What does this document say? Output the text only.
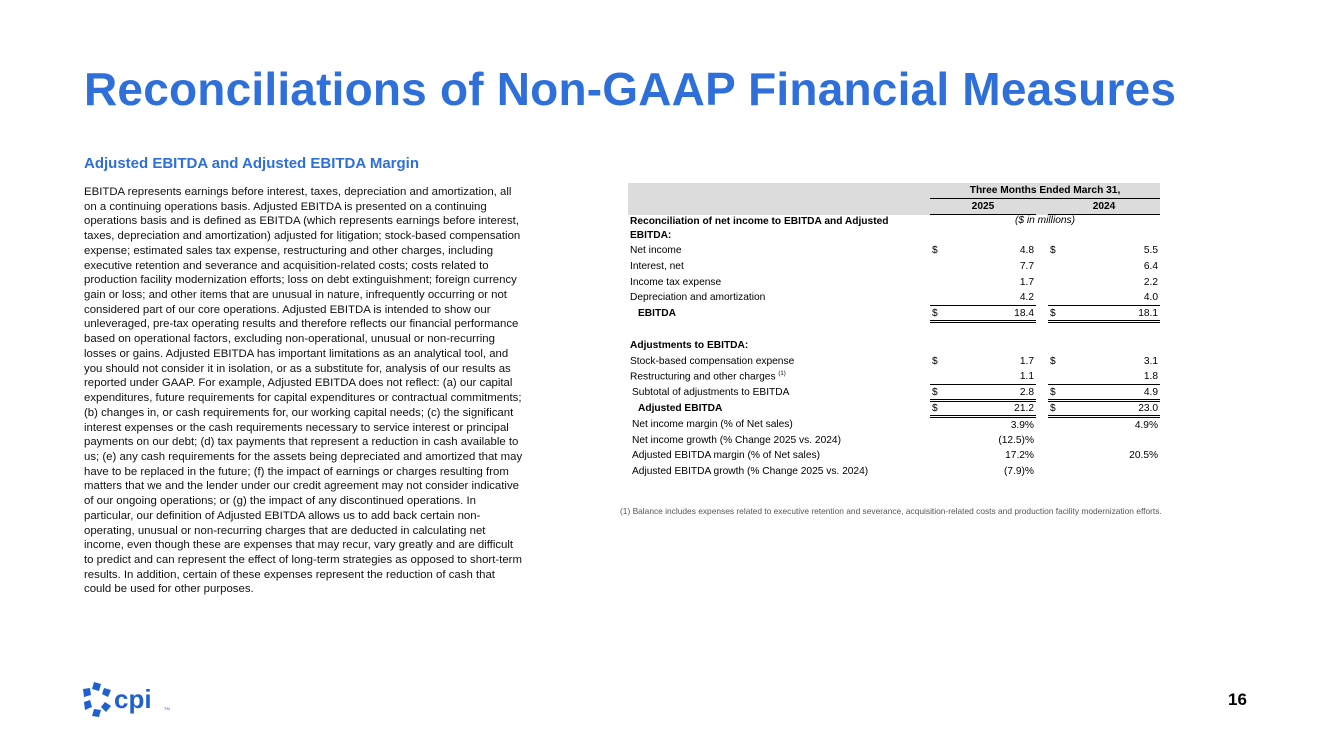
Reconciliations of Non-GAAP Financial Measures
Adjusted EBITDA and Adjusted EBITDA Margin
EBITDA represents earnings before interest, taxes, depreciation and amortization, all on a continuing operations basis. Adjusted EBITDA is presented on a continuing operations basis and is defined as EBITDA (which represents earnings before interest, taxes, depreciation and amortization) adjusted for litigation; stock-based compensation expense; estimated sales tax expense, restructuring and other charges, including executive retention and severance and acquisition-related costs; costs related to production facility modernization efforts; loss on debt extinguishment; foreign currency gain or loss; and other items that are unusual in nature, infrequently occurring or not considered part of our core operations. Adjusted EBITDA is intended to show our unleveraged, pre-tax operating results and therefore reflects our financial performance based on operational factors, excluding non-operational, unusual or non-recurring losses or gains. Adjusted EBITDA has important limitations as an analytical tool, and you should not consider it in isolation, or as a substitute for, analysis of our results as reported under GAAP. For example, Adjusted EBITDA does not reflect: (a) our capital expenditures, future requirements for capital expenditures or contractual commitments; (b) changes in, or cash requirements for, our working capital needs; (c) the significant interest expenses or the cash requirements necessary to service interest or principal payments on our debt; (d) tax payments that represent a reduction in cash available to us; (e) any cash requirements for the assets being depreciated and amortized that may have to be replaced in the future; (f) the impact of earnings or charges resulting from matters that we and the lender under our credit agreement may not consider indicative of our ongoing operations; or (g) the impact of any discontinued operations. In particular, our definition of Adjusted EBITDA allows us to add back certain non-operating, unusual or non-recurring charges that are deducted in calculating net income, even though these are expenses that may recur, vary greatly and are difficult to predict and can represent the effect of long-term strategies as opposed to short-term results. In addition, certain of these expenses represent the reduction of cash that could be used for other purposes.
		Three Months Ended March 31,				
		2025			2024	
Reconciliation of net income to EBITDA and Adjusted EBITDA:		($ in millions)				
Net income		$	4.8		$	5.5
Interest, net			7.7			6.4
Income tax expense			1.7			2.2
Depreciation and amortization			4.2			4.0
EBITDA		$	18.4		$	18.1

Adjustments to EBITDA:						
Stock-based compensation expense		$	1.7		$	3.1
Restructuring and other charges $^{(1)}$			1.1			1.8
Subtotal of adjustments to EBITDA		$	2.8		$	4.9
Adjusted EBITDA		$	21.2		$	23.0
Net income margin (% of Net sales)		3.9%			4.9%	
Net income growth (% Change 2025 vs. 2024)		(12.5)%				
Adjusted EBITDA margin (% of Net sales)		17.2%			20.5%	
Adjusted EBITDA growth (% Change 2025 vs. 2024)		(7.9)%				
(1) Balance includes expenses related to executive retention and severance, acquisition-related costs and production facility modernization efforts.
cpi	TM	16
